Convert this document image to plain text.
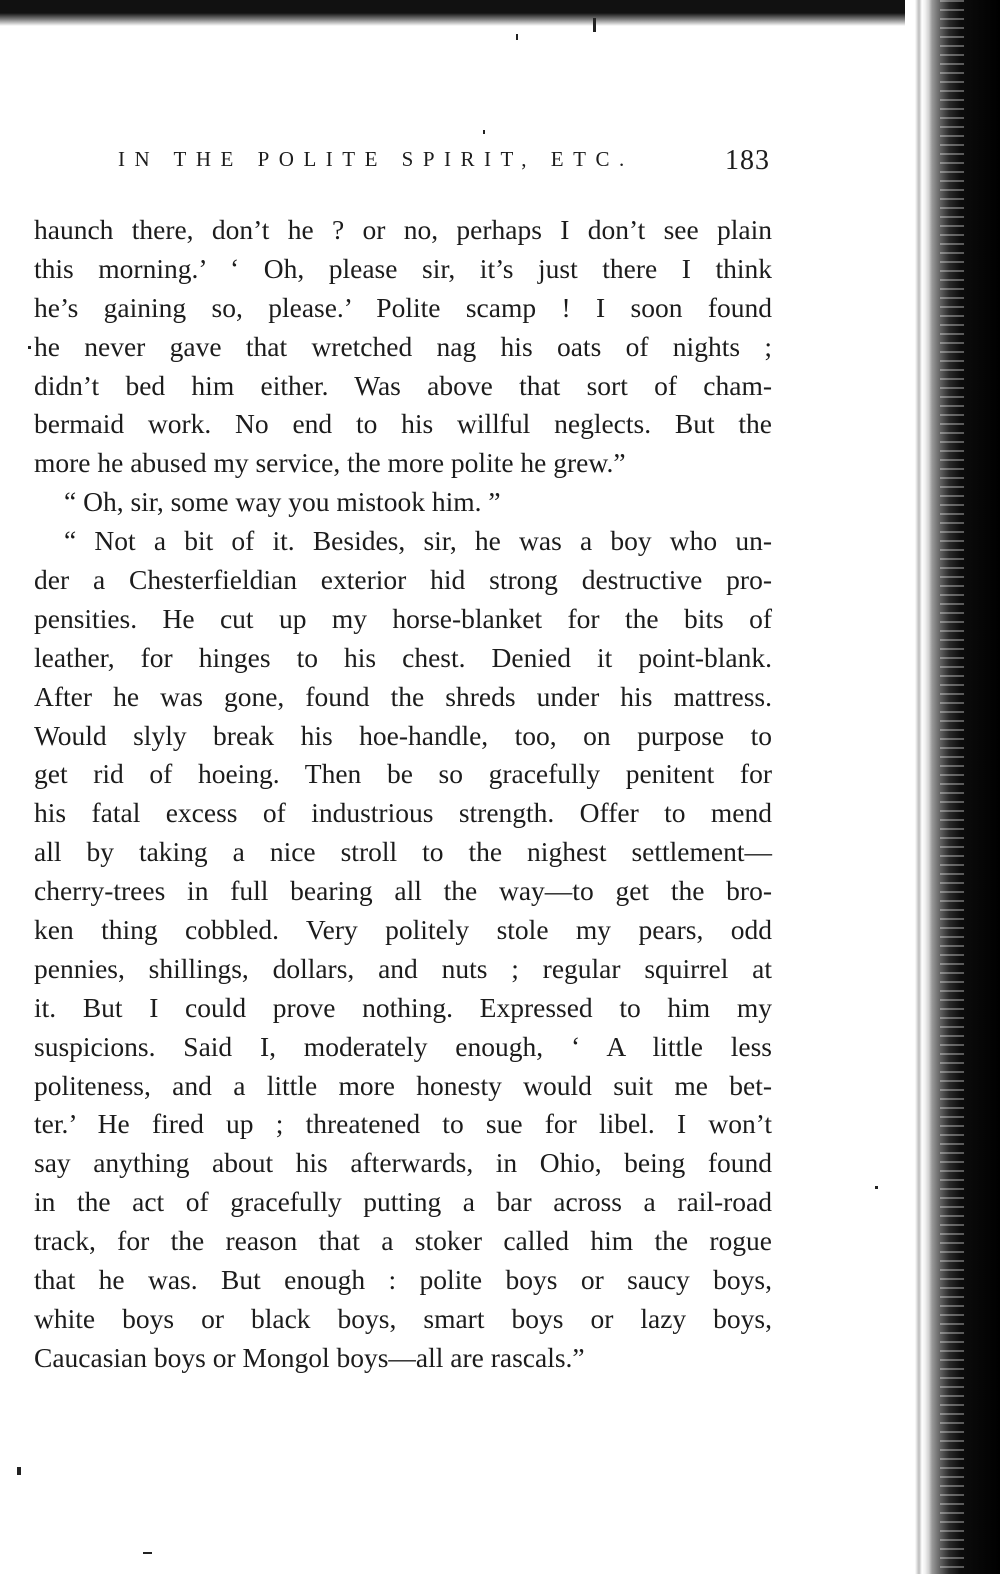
IN THE POLITE SPIRIT, ETC.	183
haunch there, don’t he ? or no, perhaps I don’t see plain
this morning.’ ‘ Oh, please sir, it’s just there I think
he’s gaining so, please.’ Polite scamp ! I soon found
he never gave that wretched nag his oats of nights ;
didn’t bed him either. Was above that sort of cham-
bermaid work. No end to his willful neglects. But the
more he abused my service, the more polite he grew.”
“ Oh, sir, some way you mistook him. ”
“ Not a bit of it. Besides, sir, he was a boy who un-
der a Chesterfieldian exterior hid strong destructive pro-
pensities. He cut up my horse-blanket for the bits of
leather, for hinges to his chest. Denied it point-blank.
After he was gone, found the shreds under his mattress.
Would slyly break his hoe-handle, too, on purpose to
get rid of hoeing. Then be so gracefully penitent for
his fatal excess of industrious strength. Offer to mend
all by taking a nice stroll to the nighest settlement—
cherry-trees in full bearing all the way—to get the bro-
ken thing cobbled. Very politely stole my pears, odd
pennies, shillings, dollars, and nuts ; regular squirrel at
it. But I could prove nothing. Expressed to him my
suspicions. Said I, moderately enough, ‘ A little less
politeness, and a little more honesty would suit me bet-
ter.’ He fired up ; threatened to sue for libel. I won’t
say anything about his afterwards, in Ohio, being found
in the act of gracefully putting a bar across a rail-road
track, for the reason that a stoker called him the rogue
that he was. But enough : polite boys or saucy boys,
white boys or black boys, smart boys or lazy boys,
Caucasian boys or Mongol boys—all are rascals.”
